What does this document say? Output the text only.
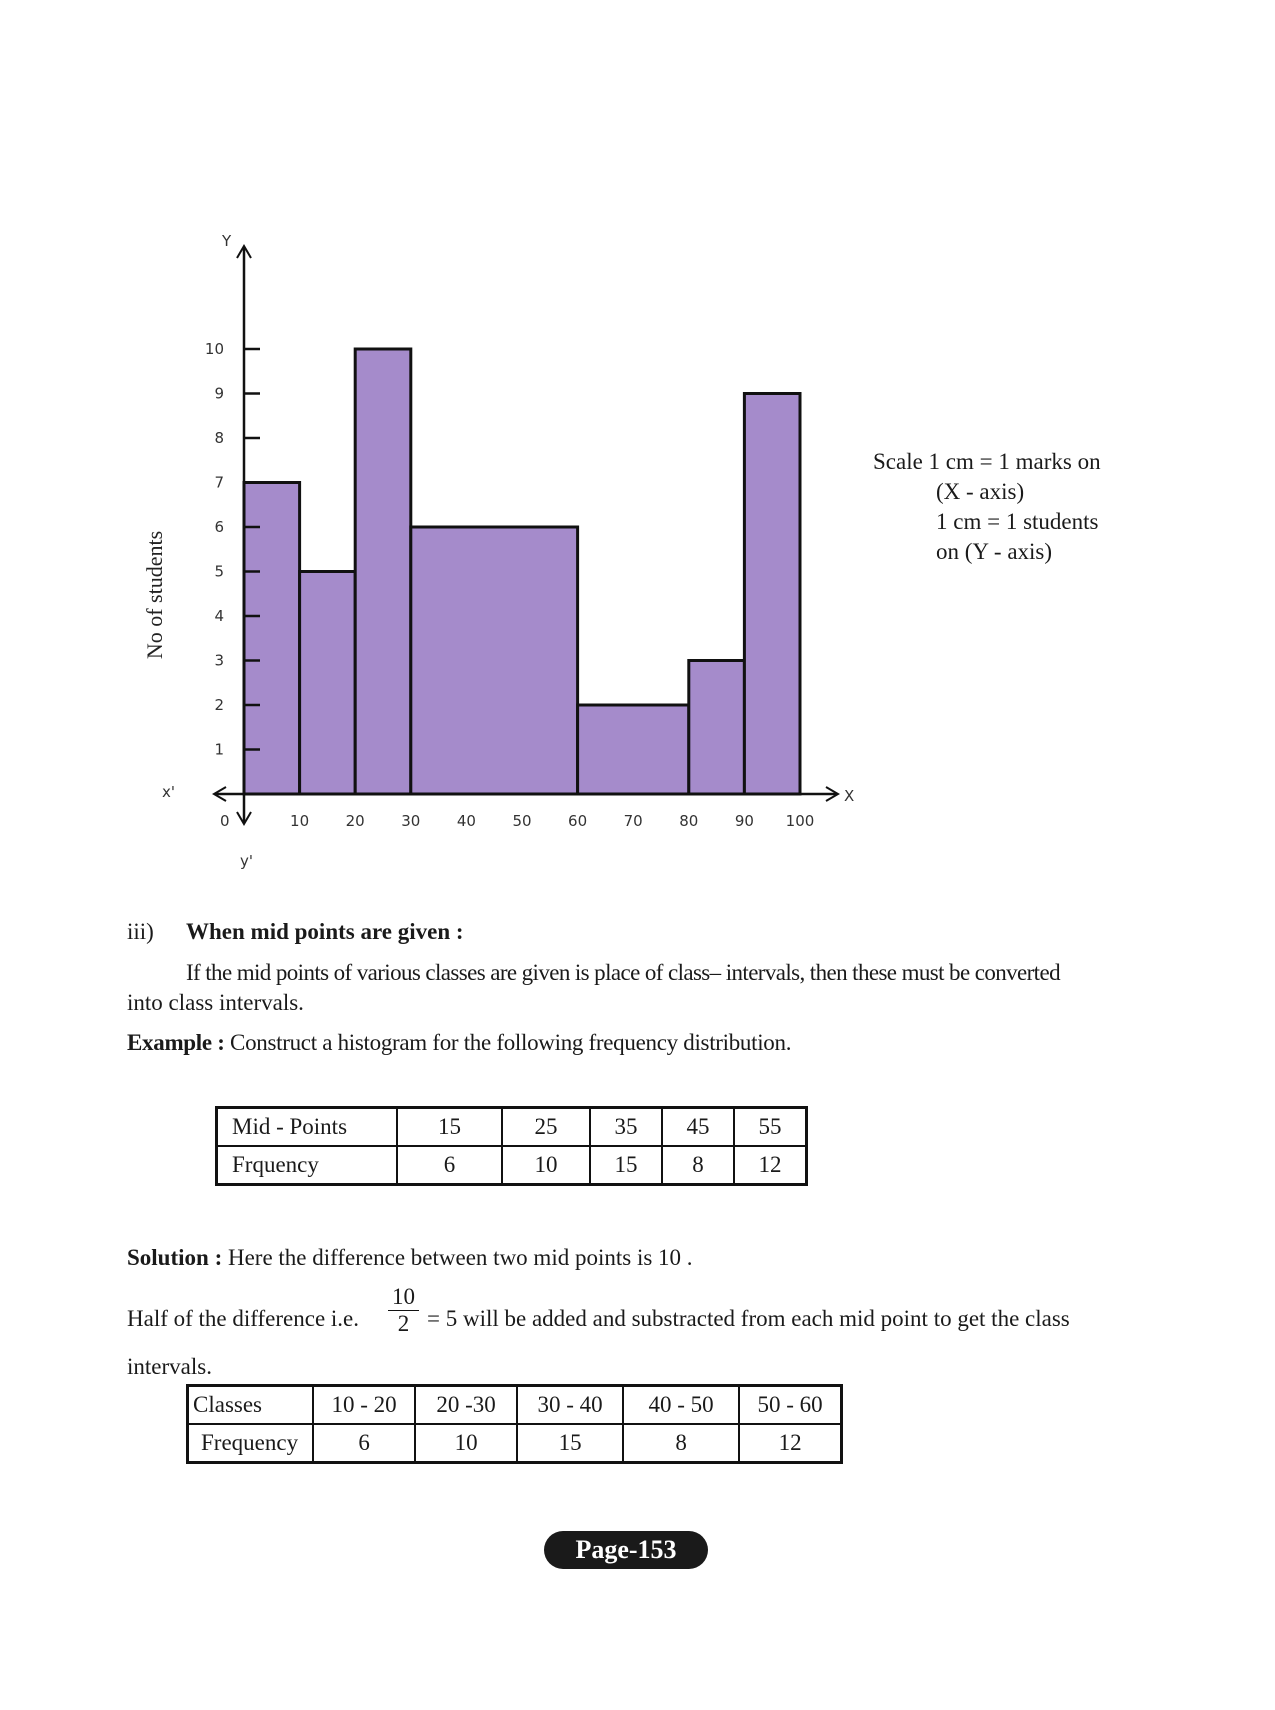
Y
X
x'
y'
0
1
2
3
4
5
6
7
8
9
10
10 20 30 40 50 60 70 80 90 100
No of students
Scale 1 cm = 1 marks on
(X - axis)
1 cm = 1 students
on (Y - axis)
iii) When mid points are given :
If the mid points of various classes are given is place of class– intervals, then these must be converted
into class intervals.
Example : Construct a histogram for the following frequency distribution.
Mid - Points	15	25	35	45	55
Frquency	6	10	15	8	12
Solution : Here the difference between two mid points is 10 .
Half of the difference i.e. $\frac{10}{2} = 5$ will be added and substracted from each mid point to get the class
intervals.
Classes	10 - 20	20 -30	30 - 40	40 - 50	50 - 60
Frequency	6	10	15	8	12
Page-153
